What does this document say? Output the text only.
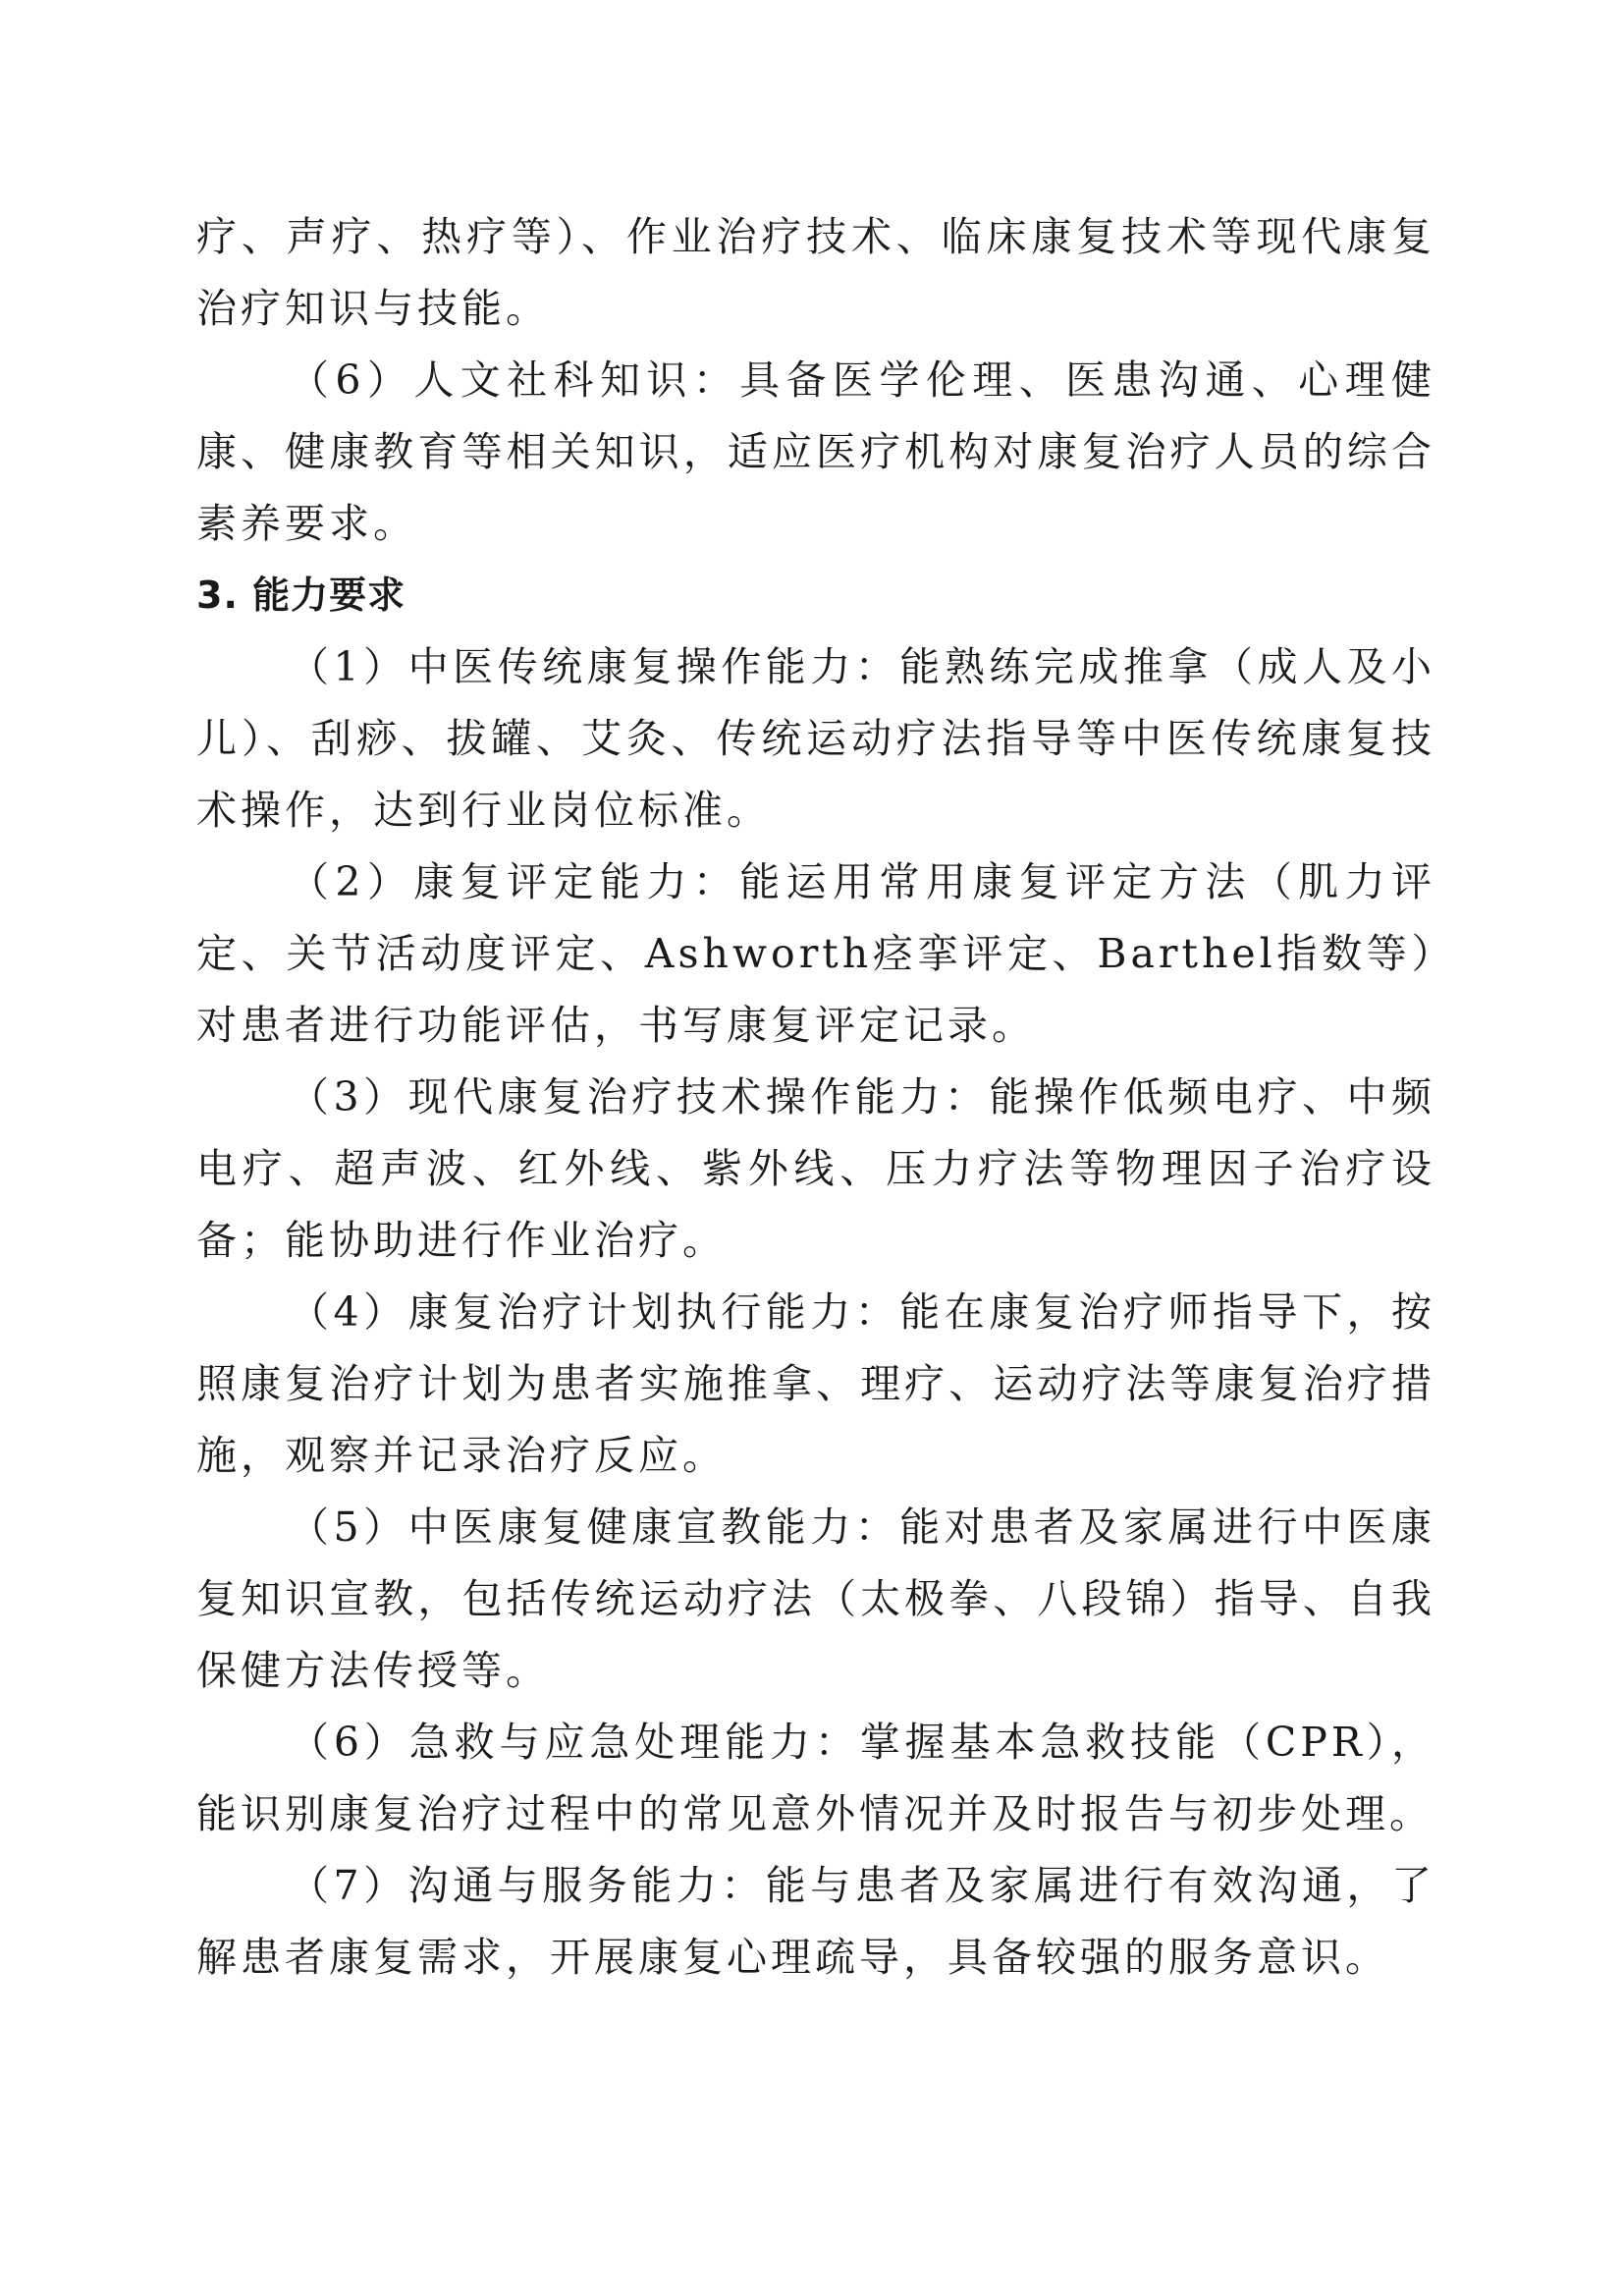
疗、声疗、热疗等）、作业治疗技术、临床康复技术等现代康复治疗知识与技能。

（6）人文社科知识：具备医学伦理、医患沟通、心理健康、健康教育等相关知识，适应医疗机构对康复治疗人员的综合素养要求。

3. 能力要求

（1）中医传统康复操作能力：能熟练完成推拿（成人及小儿）、刮痧、拔罐、艾灸、传统运动疗法指导等中医传统康复技术操作，达到行业岗位标准。

（2）康复评定能力：能运用常用康复评定方法（肌力评定、关节活动度评定、Ashworth痉挛评定、Barthel指数等）对患者进行功能评估，书写康复评定记录。

（3）现代康复治疗技术操作能力：能操作低频电疗、中频电疗、超声波、红外线、紫外线、压力疗法等物理因子治疗设备；能协助进行作业治疗。

（4）康复治疗计划执行能力：能在康复治疗师指导下，按照康复治疗计划为患者实施推拿、理疗、运动疗法等康复治疗措施，观察并记录治疗反应。

（5）中医康复健康宣教能力：能对患者及家属进行中医康复知识宣教，包括传统运动疗法（太极拳、八段锦）指导、自我保健方法传授等。

（6）急救与应急处理能力：掌握基本急救技能（CPR），能识别康复治疗过程中的常见意外情况并及时报告与初步处理。

（7）沟通与服务能力：能与患者及家属进行有效沟通，了解患者康复需求，开展康复心理疏导，具备较强的服务意识。
